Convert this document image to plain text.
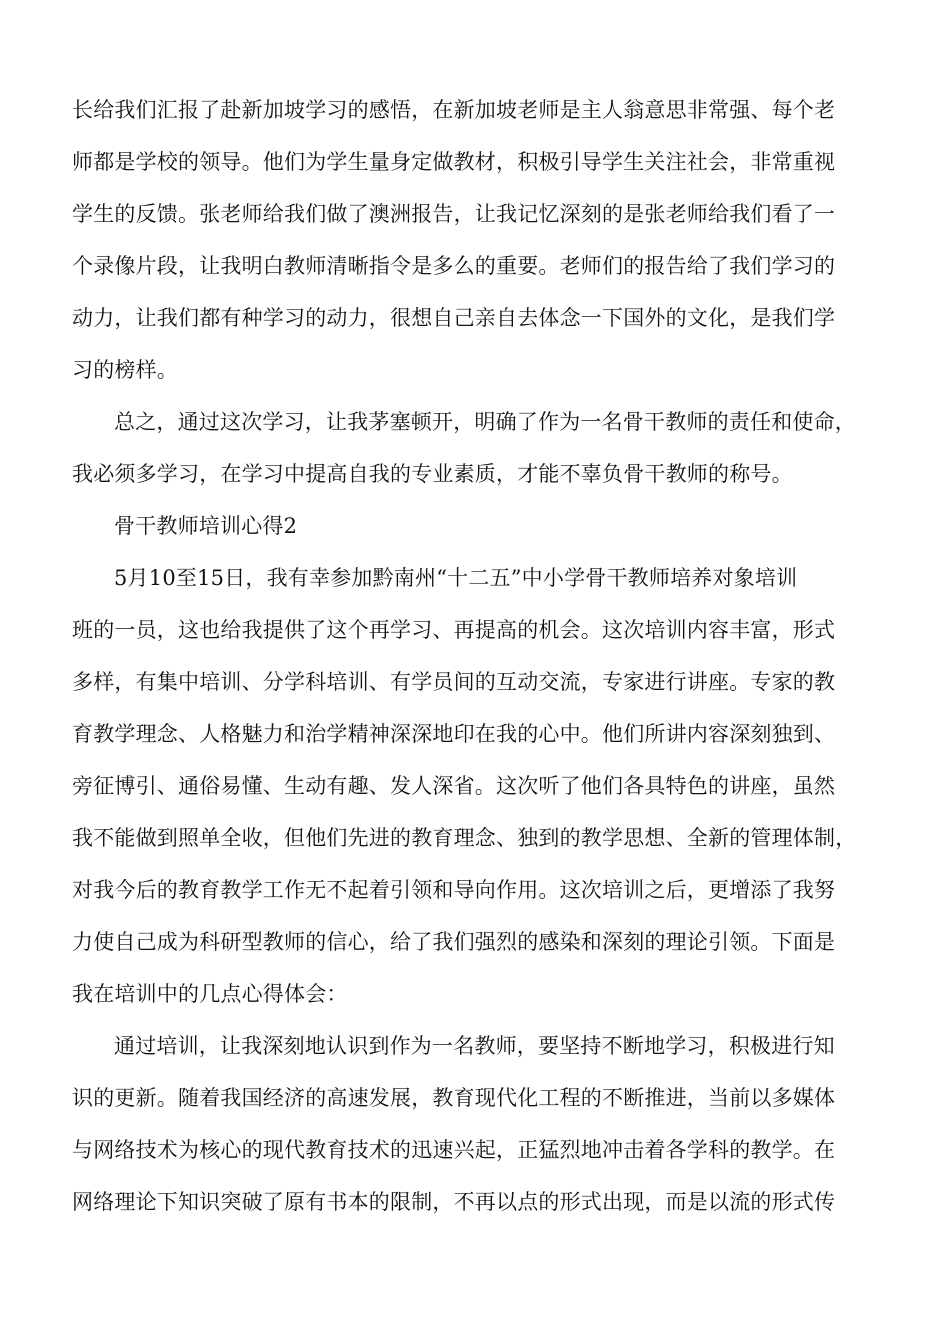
长给我们汇报了赴新加坡学习的感悟，在新加坡老师是主人翁意思非常强、每个老
师都是学校的领导。他们为学生量身定做教材，积极引导学生关注社会，非常重视
学生的反馈。张老师给我们做了澳洲报告，让我记忆深刻的是张老师给我们看了一
个录像片段，让我明白教师清晰指令是多么的重要。老师们的报告给了我们学习的
动力，让我们都有种学习的动力，很想自己亲自去体念一下国外的文化，是我们学
习的榜样。
总之，通过这次学习，让我茅塞顿开，明确了作为一名骨干教师的责任和使命，
我必须多学习，在学习中提高自我的专业素质，才能不辜负骨干教师的称号。
骨干教师培训心得2
5月10至15日，我有幸参加黔南州“十二五”中小学骨干教师培养对象培训
班的一员，这也给我提供了这个再学习、再提高的机会。这次培训内容丰富，形式
多样，有集中培训、分学科培训、有学员间的互动交流，专家进行讲座。专家的教
育教学理念、人格魅力和治学精神深深地印在我的心中。他们所讲内容深刻独到、
旁征博引、通俗易懂、生动有趣、发人深省。这次听了他们各具特色的讲座，虽然
我不能做到照单全收，但他们先进的教育理念、独到的教学思想、全新的管理体制，
对我今后的教育教学工作无不起着引领和导向作用。这次培训之后，更增添了我努
力使自己成为科研型教师的信心，给了我们强烈的感染和深刻的理论引领。下面是
我在培训中的几点心得体会：
通过培训，让我深刻地认识到作为一名教师，要坚持不断地学习，积极进行知
识的更新。随着我国经济的高速发展，教育现代化工程的不断推进，当前以多媒体
与网络技术为核心的现代教育技术的迅速兴起，正猛烈地冲击着各学科的教学。在
网络理论下知识突破了原有书本的限制，不再以点的形式出现，而是以流的形式传
